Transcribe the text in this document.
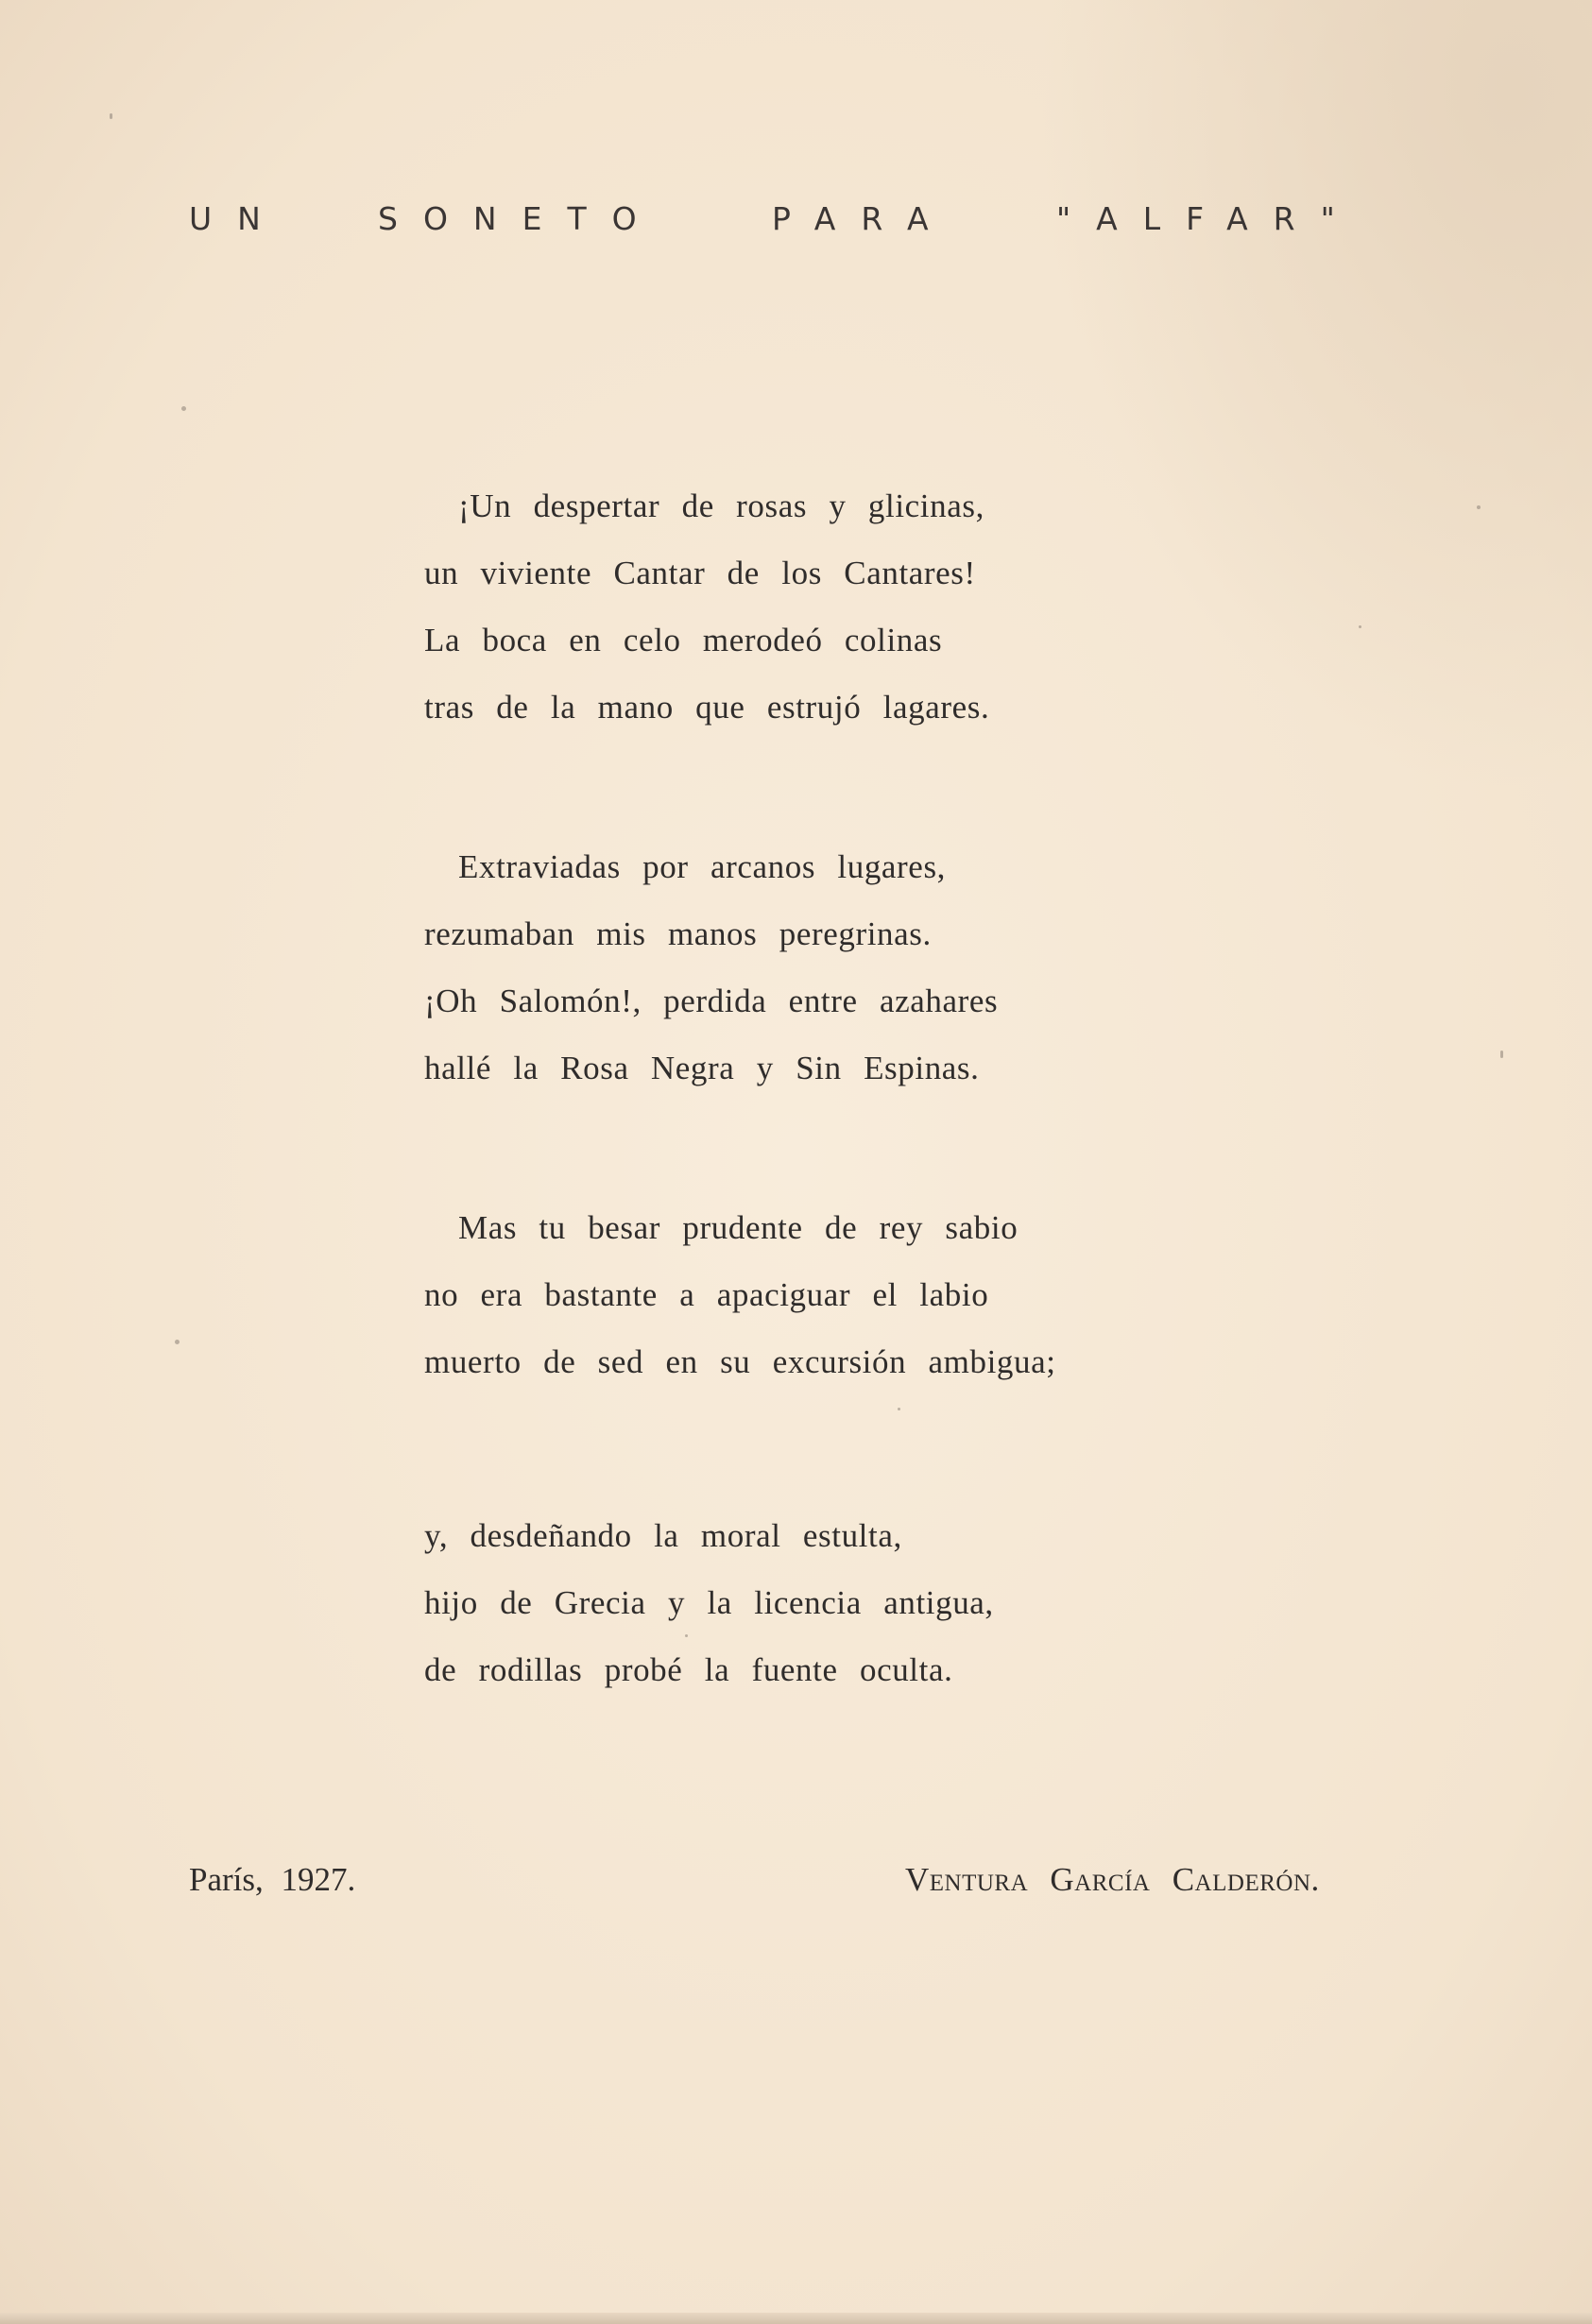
UN	SONETO	PARA	"ALFAR"
¡Un despertar de rosas y glicinas,
un viviente Cantar de los Cantares!
La boca en celo merodeó colinas
tras de la mano que estrujó lagares.
Extraviadas por arcanos lugares,
rezumaban mis manos peregrinas.
¡Oh Salomón!, perdida entre azahares
hallé la Rosa Negra y Sin Espinas.
Mas tu besar prudente de rey sabio
no era bastante a apaciguar el labio
muerto de sed en su excursión ambigua;
y, desdeñando la moral estulta,
hijo de Grecia y la licencia antigua,
de rodillas probé la fuente oculta.
París, 1927.	Ventura García Calderón.
